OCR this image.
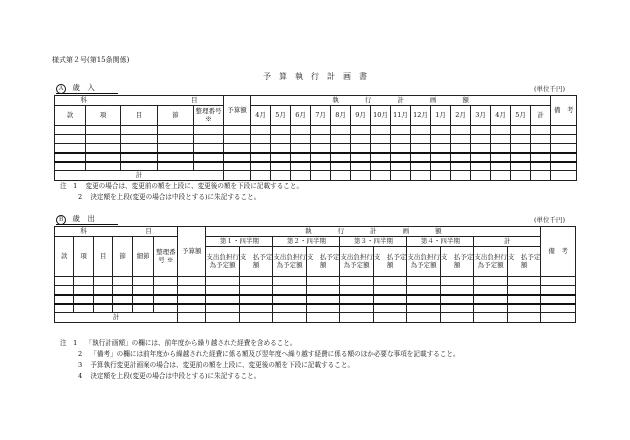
様式第２号(第15条関係)
予　算　執　行　計　画　書
Ａ 歳　入	(単位千円)
科　　　　　　　　　　　　　　　　目					予算額	執　　　　行　　　　計　　　　画　　　　額															備　考
款	項	目	節	整理番号 ※		4月	5月	6月	7月	8月	9月	10月	11月	12月	1月	2月	3月	4月	5月	計	

計																					
注　1 変更の場合は、変更前の額を上段に、変更後の額を下段に記載すること。
2 決定額を上段(変更の場合は中段とする)に朱記すること。
Ｂ 歳　出	(単位千円)
科　　　　　　　　　目						予算額	執　　　　行　　　　計　　　　画　　　　額										備　考
款	項	目	節	細節	整理番号 ※		第１・四半期		第２・四半期		第３・四半期		第４・四半期		計		
							支出負担行為予定額	支　払予定額	支出負担行為予定額	支　払予定額	支出負担行為予定額	支　払予定額	支出負担行為予定額	支　払予定額	支出負担行為予定額	支　払予定額	

計																	
注　1 「執行計画額」の欄には、前年度から繰り越された経費を含めること。
2 「備考」の欄には前年度から繰越された経費に係る額及び翌年度へ繰り越す経費に係る額のほか必要な事項を記載すること。
3 予算執行変更計画案の場合は、変更前の額を上段に、変更後の額を下段に記載すること。
4 決定額を上段(変更の場合は中段とする)に朱記すること。
